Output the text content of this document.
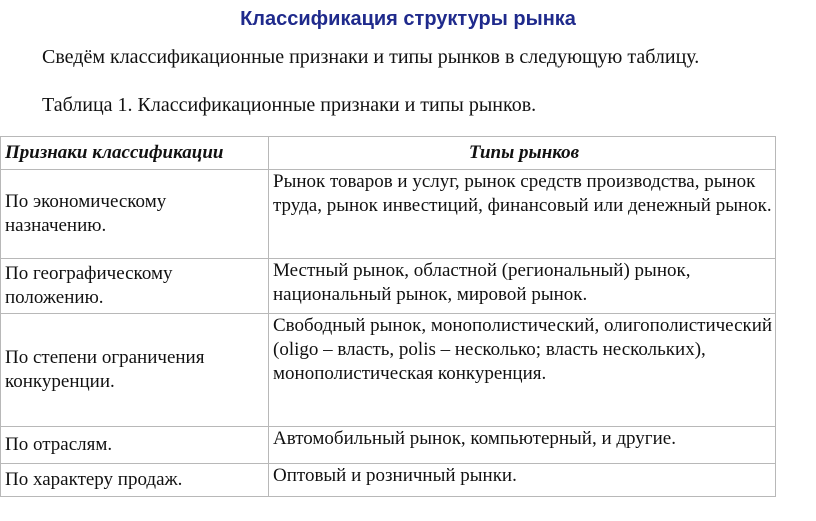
Классификация структуры рынка
Сведём классификационные признаки и типы рынков в следующую таблицу.
Таблица 1. Классификационные признаки и типы рынков.
Признаки классификации	Типы рынков
По экономическому назначению.	Рынок товаров и услуг, рынок средств производства, рынок труда, рынок инвестиций, финансовый или денежный рынок.
По географическому положению.	Местный рынок, областной (региональный) рынок, национальный рынок, мировой рынок.
По степени ограничения конкуренции.	Свободный рынок, монополистический, олигополистический (oligo – власть, polis – несколько; власть нескольких), монополистическая конкуренция.
По отраслям.	Автомобильный рынок, компьютерный, и другие.
По характеру продаж.	Оптовый и розничный рынки.
